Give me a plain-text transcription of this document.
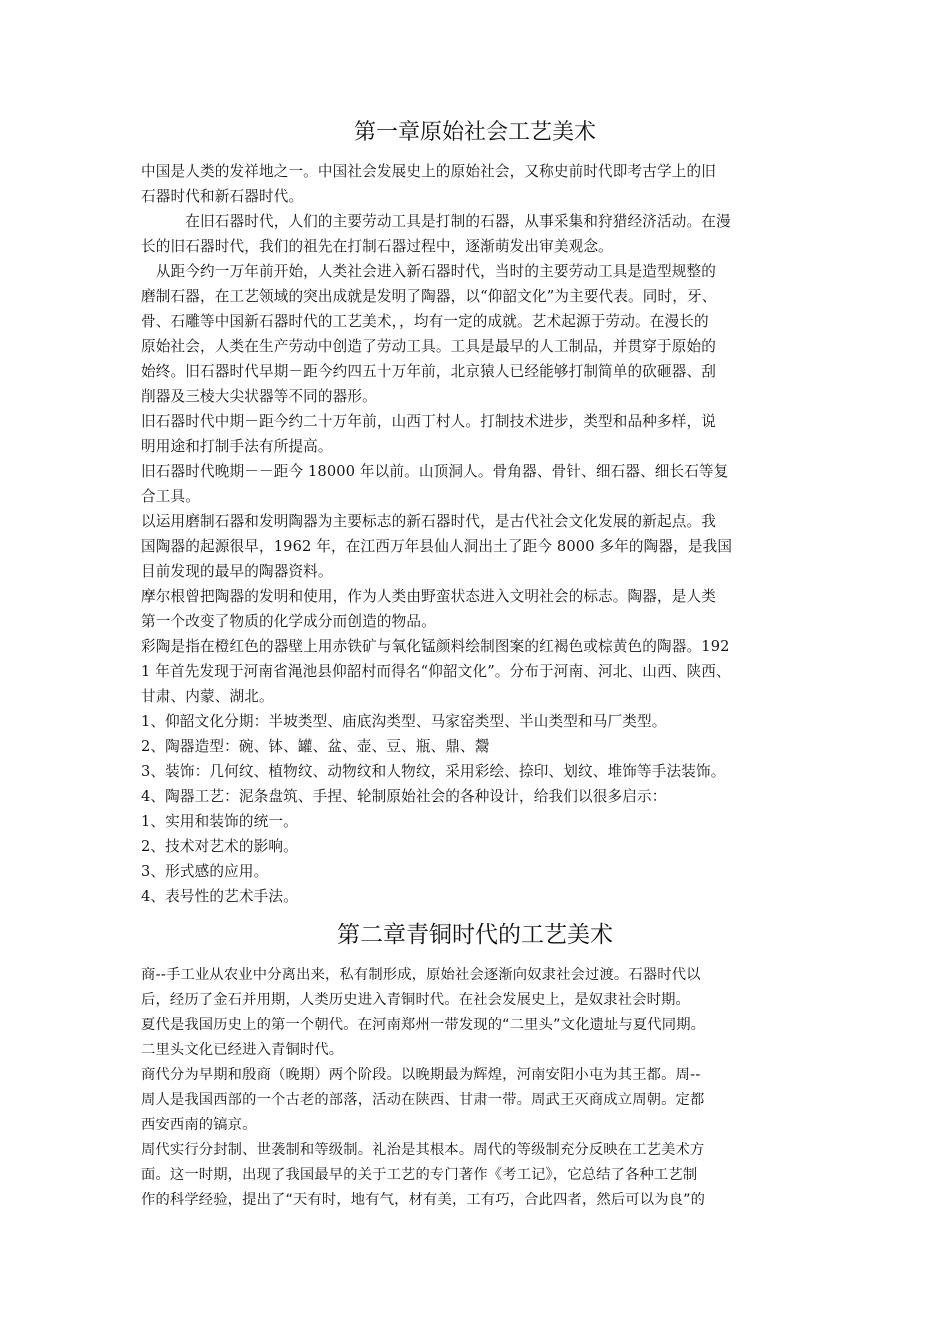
第一章原始社会工艺美术

中国是人类的发祥地之一。中国社会发展史上的原始社会，又称史前时代即考古学上的旧

石器时代和新石器时代。

　　　在旧石器时代，人们的主要劳动工具是打制的石器，从事采集和狩猎经济活动。在漫

长的旧石器时代，我们的祖先在打制石器过程中，逐渐萌发出审美观念。

　从距今约一万年前开始，人类社会进入新石器时代，当时的主要劳动工具是造型规整的

磨制石器，在工艺领域的突出成就是发明了陶器，以“仰韶文化”为主要代表。同时，牙、

骨、石雕等中国新石器时代的工艺美术，，均有一定的成就。艺术起源于劳动。在漫长的

原始社会，人类在生产劳动中创造了劳动工具。工具是最早的人工制品，并贯穿于原始的

始终。旧石器时代早期－距今约四五十万年前，北京猿人已经能够打制简单的砍砸器、刮

削器及三棱大尖状器等不同的器形。

旧石器时代中期－距今约二十万年前，山西丁村人。打制技术进步，类型和品种多样，说

明用途和打制手法有所提高。

旧石器时代晚期－－距今 18000 年以前。山顶洞人。骨角器、骨针、细石器、细长石等复

合工具。

以运用磨制石器和发明陶器为主要标志的新石器时代，是古代社会文化发展的新起点。我

国陶器的起源很早，1962 年，在江西万年县仙人洞出土了距今 8000 多年的陶器，是我国

目前发现的最早的陶器资料。

摩尔根曾把陶器的发明和使用，作为人类由野蛮状态进入文明社会的标志。陶器，是人类

第一个改变了物质的化学成分而创造的物品。

彩陶是指在橙红色的器壁上用赤铁矿与氧化锰颜料绘制图案的红褐色或棕黄色的陶器。192

1 年首先发现于河南省渑池县仰韶村而得名“仰韶文化”。分布于河南、河北、山西、陕西、

甘肃、内蒙、湖北。

1、仰韶文化分期：半坡类型、庙底沟类型、马家窑类型、半山类型和马厂类型。

2、陶器造型：碗、钵、罐、盆、壶、豆、瓶、鼎、鬶

3、装饰：几何纹、植物纹、动物纹和人物纹，采用彩绘、捺印、划纹、堆饰等手法装饰。

4、陶器工艺：泥条盘筑、手捏、轮制原始社会的各种设计，给我们以很多启示：

1、实用和装饰的统一。

2、技术对艺术的影响。

3、形式感的应用。

4、表号性的艺术手法。

第二章青铜时代的工艺美术

商--手工业从农业中分离出来，私有制形成，原始社会逐渐向奴隶社会过渡。石器时代以

后，经历了金石并用期，人类历史进入青铜时代。在社会发展史上，是奴隶社会时期。

夏代是我国历史上的第一个朝代。在河南郑州一带发现的“二里头”文化遗址与夏代同期。

二里头文化已经进入青铜时代。

商代分为早期和殷商（晚期）两个阶段。以晚期最为辉煌，河南安阳小屯为其王都。周--

周人是我国西部的一个古老的部落，活动在陕西、甘肃一带。周武王灭商成立周朝。定都

西安西南的镐京。

周代实行分封制、世袭制和等级制。礼治是其根本。周代的等级制充分反映在工艺美术方

面。这一时期，出现了我国最早的关于工艺的专门著作《考工记》，它总结了各种工艺制

作的科学经验，提出了“天有时，地有气，材有美，工有巧，合此四者，然后可以为良”的
